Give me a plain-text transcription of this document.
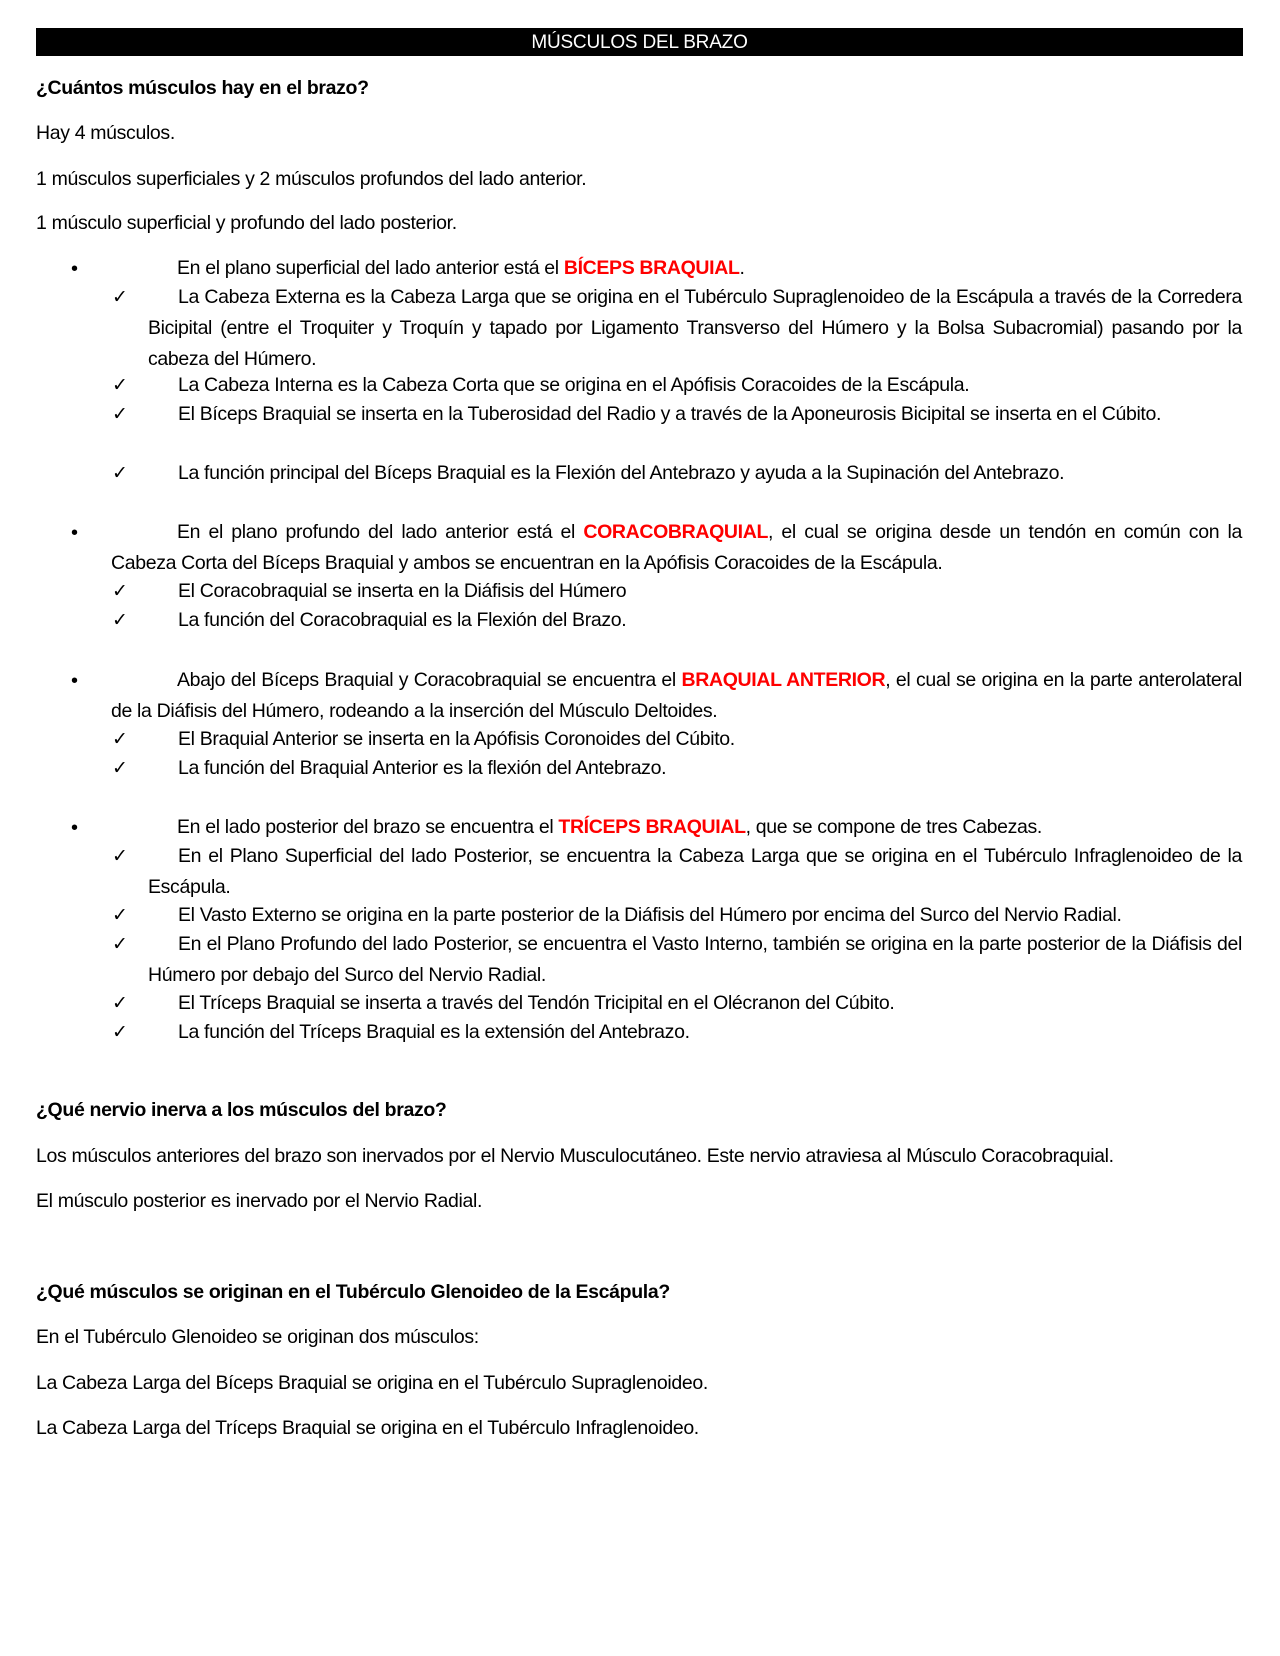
MÚSCULOS DEL BRAZO
¿Cuántos músculos hay en el brazo?
Hay 4 músculos.
1 músculos superficiales y 2 músculos profundos del lado anterior.
1 músculo superficial y profundo del lado posterior.
•	En el plano superficial del lado anterior está el BÍCEPS BRAQUIAL.
✓	La Cabeza Externa es la Cabeza Larga que se origina en el Tubérculo Supraglenoideo de la Escápula a través de la Corredera Bicipital (entre el Troquiter y Troquín y tapado por Ligamento Transverso del Húmero y la Bolsa Subacromial) pasando por la cabeza del Húmero.
✓	La Cabeza Interna es la Cabeza Corta que se origina en el Apófisis Coracoides de la Escápula.
✓	El Bíceps Braquial se inserta en la Tuberosidad del Radio y a través de la Aponeurosis Bicipital se inserta en el Cúbito.
✓	La función principal del Bíceps Braquial es la Flexión del Antebrazo y ayuda a la Supinación del Antebrazo.
•	En el plano profundo del lado anterior está el CORACOBRAQUIAL, el cual se origina desde un tendón en común con la Cabeza Corta del Bíceps Braquial y ambos se encuentran en la Apófisis Coracoides de la Escápula.
✓	El Coracobraquial se inserta en la Diáfisis del Húmero
✓	La función del Coracobraquial es la Flexión del Brazo.
•	Abajo del Bíceps Braquial y Coracobraquial se encuentra el BRAQUIAL ANTERIOR, el cual se origina en la parte anterolateral de la Diáfisis del Húmero, rodeando a la inserción del Músculo Deltoides.
✓	El Braquial Anterior se inserta en la Apófisis Coronoides del Cúbito.
✓	La función del Braquial Anterior es la flexión del Antebrazo.
•	En el lado posterior del brazo se encuentra el TRÍCEPS BRAQUIAL, que se compone de tres Cabezas.
✓	En el Plano Superficial del lado Posterior, se encuentra la Cabeza Larga que se origina en el Tubérculo Infraglenoideo de la Escápula.
✓	El Vasto Externo se origina en la parte posterior de la Diáfisis del Húmero por encima del Surco del Nervio Radial.
✓	En el Plano Profundo del lado Posterior, se encuentra el Vasto Interno, también se origina en la parte posterior de la Diáfisis del Húmero por debajo del Surco del Nervio Radial.
✓	El Tríceps Braquial se inserta a través del Tendón Tricipital en el Olécranon del Cúbito.
✓	La función del Tríceps Braquial es la extensión del Antebrazo.
¿Qué nervio inerva a los músculos del brazo?
Los músculos anteriores del brazo son inervados por el Nervio Musculocutáneo. Este nervio atraviesa al Músculo Coracobraquial.
El músculo posterior es inervado por el Nervio Radial.
¿Qué músculos se originan en el Tubérculo Glenoideo de la Escápula?
En el Tubérculo Glenoideo se originan dos músculos:
La Cabeza Larga del Bíceps Braquial se origina en el Tubérculo Supraglenoideo.
La Cabeza Larga del Tríceps Braquial se origina en el Tubérculo Infraglenoideo.
